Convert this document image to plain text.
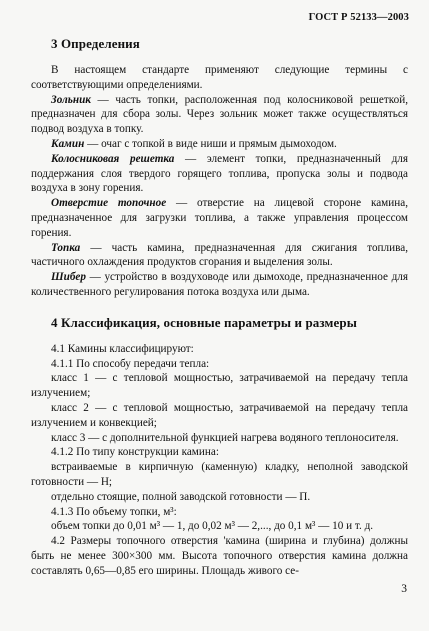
ГОСТ Р 52133—2003
3 Определения

В настоящем стандарте применяют следующие термины с соответствующими определениями.

Зольник — часть топки, расположенная под колосниковой решеткой, предназначен для сбора золы. Через зольник может также осуществляться подвод воздуха в топку.

Камин — очаг с топкой в виде ниши и прямым дымоходом.

Колосниковая решетка — элемент топки, предназначенный для поддержания слоя твердого горящего топлива, пропуска золы и подвода воздуха в зону горения.

Отверстие топочное — отверстие на лицевой стороне камина, предназначенное для загрузки топлива, а также управления процессом горения.

Топка — часть камина, предназначенная для сжигания топлива, частичного охлаждения продуктов сгорания и выделения золы.

Шибер — устройство в воздуховоде или дымоходе, предназначенное для количественного регулирования потока воздуха или дыма.

4 Классификация, основные параметры и размеры

4.1 Камины классифицируют:

4.1.1 По способу передачи тепла:

класс 1 — с тепловой мощностью, затрачиваемой на передачу тепла излучением;

класс 2 — с тепловой мощностью, затрачиваемой на передачу тепла излучением и конвекцией;

класс 3 — с дополнительной функцией нагрева водяного теплоносителя.

4.1.2 По типу конструкции камина:

встраиваемые в кирпичную (каменную) кладку, неполной заводской готовности — Н;

отдельно стоящие, полной заводской готовности — П.

4.1.3 По объему топки, м³:

объем топки до 0,01 м³ — 1, до 0,02 м³ — 2,..., до 0,1 м³ — 10 и т. д.

4.2 Размеры топочного отверстия 'камина (ширина и глубина) должны быть не менее 300×300 мм. Высота топочного отверстия камина должна составлять 0,65—0,85 его ширины. Площадь живого се-

3
